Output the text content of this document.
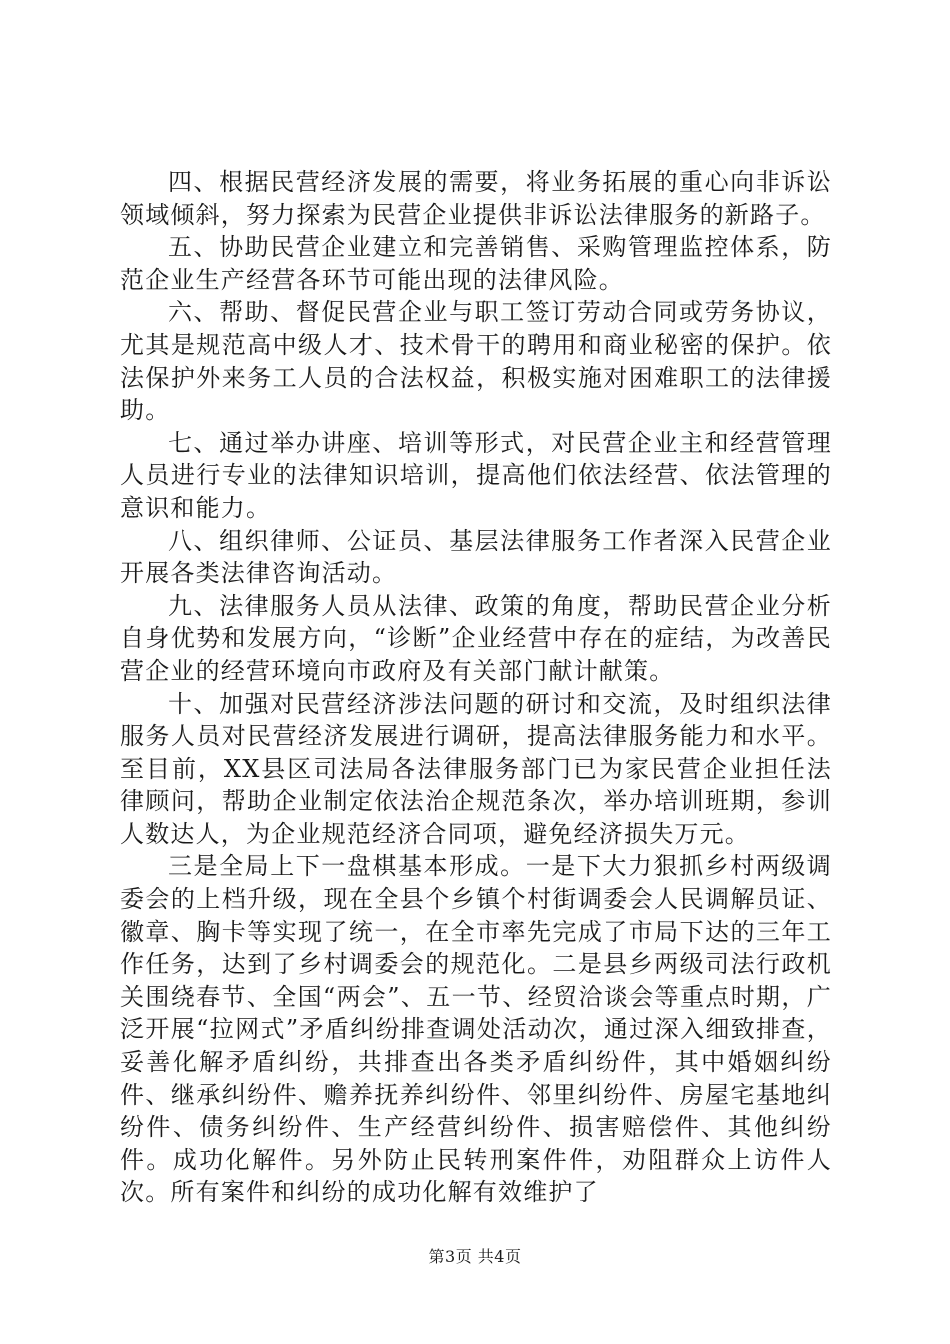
四、根据民营经济发展的需要，将业务拓展的重心向非诉讼领域倾斜，努力探索为民营企业提供非诉讼法律服务的新路子。

五、协助民营企业建立和完善销售、采购管理监控体系，防范企业生产经营各环节可能出现的法律风险。

六、帮助、督促民营企业与职工签订劳动合同或劳务协议，尤其是规范高中级人才、技术骨干的聘用和商业秘密的保护。依法保护外来务工人员的合法权益，积极实施对困难职工的法律援助。

七、通过举办讲座、培训等形式，对民营企业主和经营管理人员进行专业的法律知识培训，提高他们依法经营、依法管理的意识和能力。

八、组织律师、公证员、基层法律服务工作者深入民营企业开展各类法律咨询活动。

九、法律服务人员从法律、政策的角度，帮助民营企业分析自身优势和发展方向，“诊断”企业经营中存在的症结，为改善民营企业的经营环境向市政府及有关部门献计献策。

十、加强对民营经济涉法问题的研讨和交流，及时组织法律服务人员对民营经济发展进行调研，提高法律服务能力和水平。至目前，XX县区司法局各法律服务部门已为家民营企业担任法律顾问，帮助企业制定依法治企规范条次，举办培训班期，参训人数达人，为企业规范经济合同项，避免经济损失万元。

三是全局上下一盘棋基本形成。一是下大力狠抓乡村两级调委会的上档升级，现在全县个乡镇个村街调委会人民调解员证、徽章、胸卡等实现了统一，在全市率先完成了市局下达的三年工作任务，达到了乡村调委会的规范化。二是县乡两级司法行政机关围绕春节、全国“两会”、五一节、经贸洽谈会等重点时期，广泛开展“拉网式”矛盾纠纷排查调处活动次，通过深入细致排查，妥善化解矛盾纠纷，共排查出各类矛盾纠纷件，其中婚姻纠纷件、继承纠纷件、赡养抚养纠纷件、邻里纠纷件、房屋宅基地纠纷件、债务纠纷件、生产经营纠纷件、损害赔偿件、其他纠纷件。成功化解件。另外防止民转刑案件件，劝阻群众上访件人次。所有案件和纠纷的成功化解有效维护了

第3页 共4页
